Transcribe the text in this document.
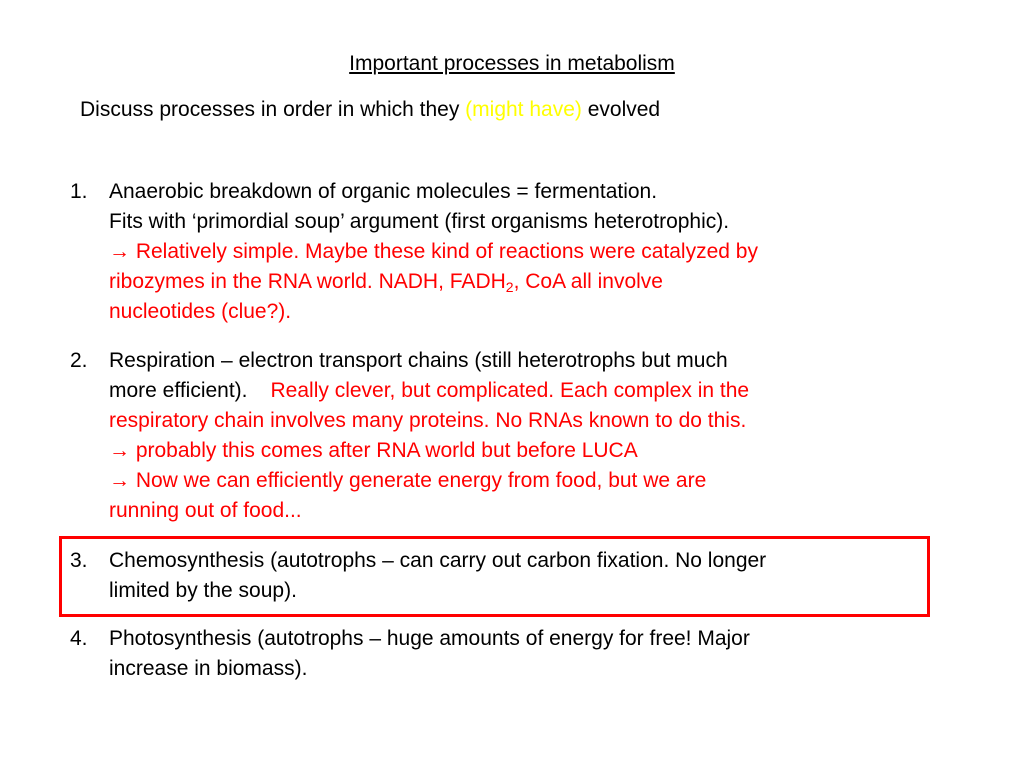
Important processes in metabolism
Discuss processes in order in which they (might have) evolved
1. Anaerobic breakdown of organic molecules = fermentation.
Fits with ‘primordial soup’ argument (first organisms heterotrophic).
→ Relatively simple. Maybe these kind of reactions were catalyzed by
ribozymes in the RNA world. NADH, $FADH_2$, CoA all involve
nucleotides (clue?).
2. Respiration – electron transport chains (still heterotrophs but much
more efficient). Really clever, but complicated. Each complex in the
respiratory chain involves many proteins. No RNAs known to do this.
→ probably this comes after RNA world but before LUCA
→ Now we can efficiently generate energy from food, but we are
running out of food...
3. Chemosynthesis (autotrophs – can carry out carbon fixation. No longer
limited by the soup).
4. Photosynthesis (autotrophs – huge amounts of energy for free! Major
increase in biomass).
